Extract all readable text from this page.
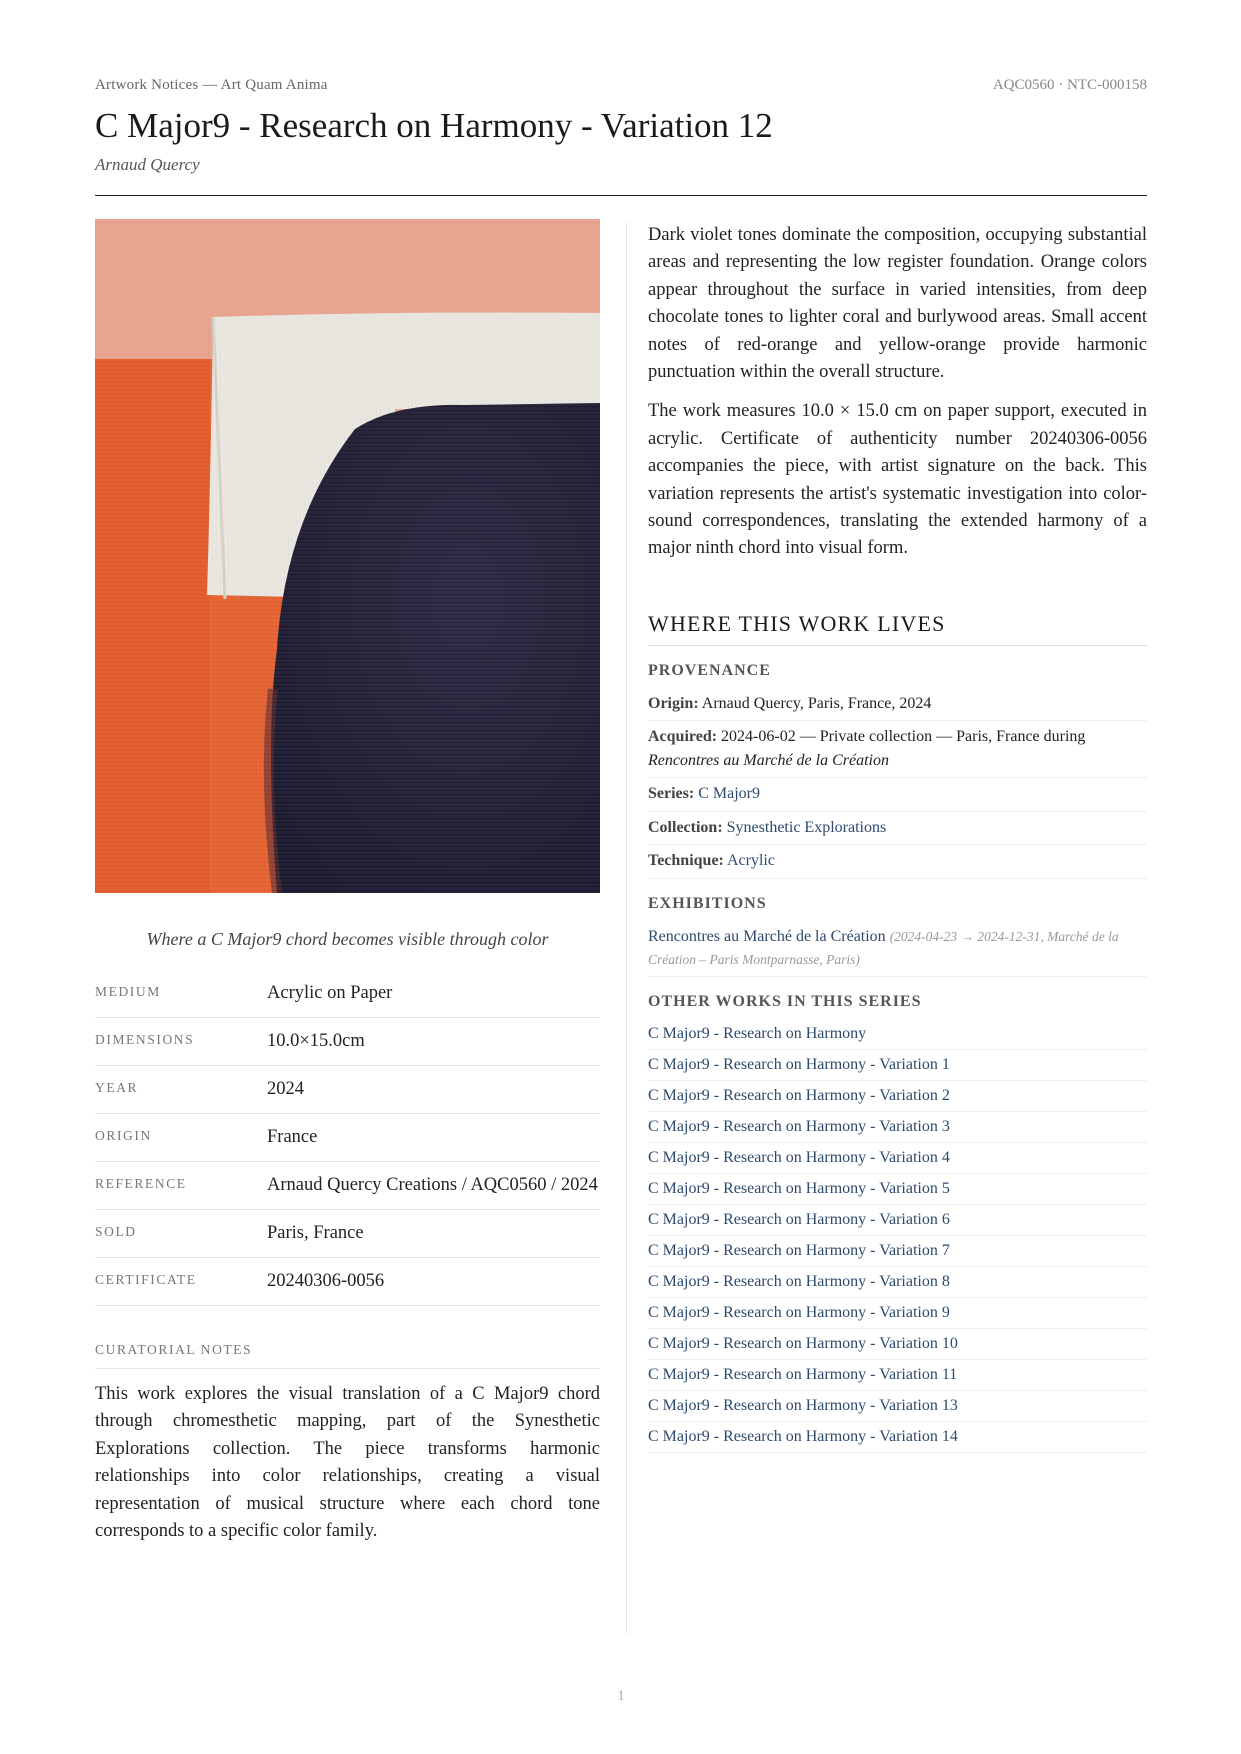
Artwork Notices — Art Quam Anima	AQC0560 · NTC-000158
C Major9 - Research on Harmony - Variation 12
Arnaud Quercy
Where a C Major9 chord becomes visible through color
MEDIUM	Acrylic on Paper
DIMENSIONS	10.0×15.0cm
YEAR	2024
ORIGIN	France
REFERENCE	Arnaud Quercy Creations / AQC0560 / 2024
SOLD	Paris, France
CERTIFICATE	20240306-0056
CURATORIAL NOTES

This work explores the visual translation of a C Major9 chord through chromesthetic mapping, part of the Synesthetic Explorations collection. The piece transforms harmonic relationships into color relationships, creating a visual representation of musical structure where each chord tone corresponds to a specific color family.

Dark violet tones dominate the composition, occupying substantial areas and representing the low register foundation. Orange colors appear throughout the surface in varied intensities, from deep chocolate tones to lighter coral and burlywood areas. Small accent notes of red-orange and yellow-orange provide harmonic punctuation within the overall structure.

The work measures 10.0 × 15.0 cm on paper support, executed in acrylic. Certificate of authenticity number 20240306-0056 accompanies the piece, with artist signature on the back. This variation represents the artist's systematic investigation into color-sound correspondences, translating the extended harmony of a major ninth chord into visual form.

WHERE THIS WORK LIVES
PROVENANCE
Origin: Arnaud Quercy, Paris, France, 2024
Acquired: 2024-06-02 — Private collection — Paris, France during Rencontres au Marché de la Création
Series: C Major9
Collection: Synesthetic Explorations
Technique: Acrylic
EXHIBITIONS
Rencontres au Marché de la Création (2024-04-23 → 2024-12-31, Marché de la Création – Paris Montparnasse, Paris)
OTHER WORKS IN THIS SERIES
C Major9 - Research on Harmony
C Major9 - Research on Harmony - Variation 1
C Major9 - Research on Harmony - Variation 2
C Major9 - Research on Harmony - Variation 3
C Major9 - Research on Harmony - Variation 4
C Major9 - Research on Harmony - Variation 5
C Major9 - Research on Harmony - Variation 6
C Major9 - Research on Harmony - Variation 7
C Major9 - Research on Harmony - Variation 8
C Major9 - Research on Harmony - Variation 9
C Major9 - Research on Harmony - Variation 10
C Major9 - Research on Harmony - Variation 11
C Major9 - Research on Harmony - Variation 13
C Major9 - Research on Harmony - Variation 14
1
